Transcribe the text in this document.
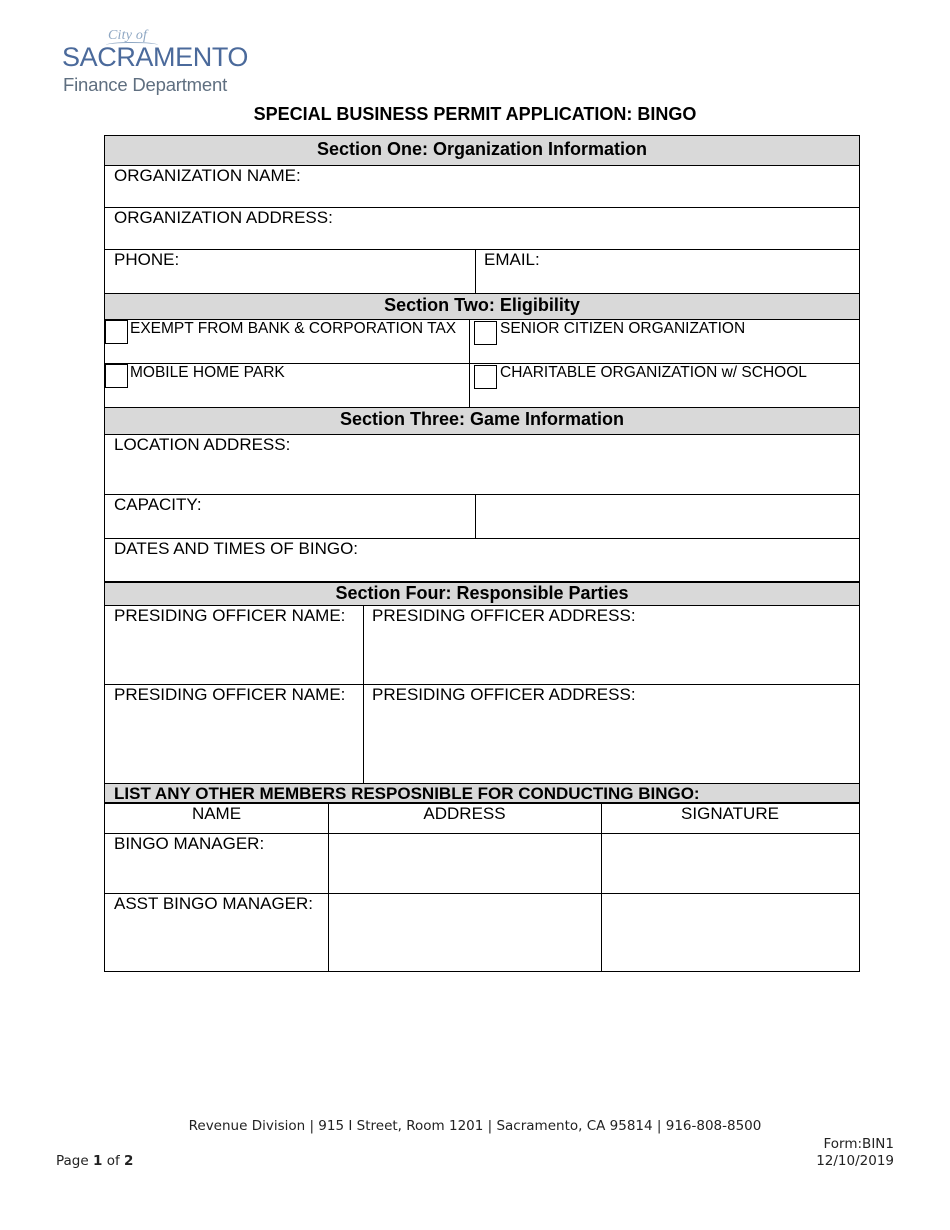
City of
SACRAMENTO
Finance Department
SPECIAL BUSINESS PERMIT APPLICATION: BINGO
Section One: Organization Information
ORGANIZATION NAME:
ORGANIZATION ADDRESS:
PHONE:	EMAIL:
Section Two: Eligibility
EXEMPT FROM BANK & CORPORATION TAX	SENIOR CITIZEN ORGANIZATION
MOBILE HOME PARK	CHARITABLE ORGANIZATION w/ SCHOOL
Section Three: Game Information
LOCATION ADDRESS:
CAPACITY:
DATES AND TIMES OF BINGO:
Section Four: Responsible Parties
PRESIDING OFFICER NAME: PRESIDING OFFICER ADDRESS:
PRESIDING OFFICER NAME: PRESIDING OFFICER ADDRESS:
LIST ANY OTHER MEMBERS RESPOSNIBLE FOR CONDUCTING BINGO:
NAME	ADDRESS	SIGNATURE
BINGO MANAGER:
ASST BINGO MANAGER:
Revenue Division | 915 I Street, Room 1201 | Sacramento, CA 95814 | 916-808-8500
Page 1 of 2
Form:BIN1
12/10/2019
